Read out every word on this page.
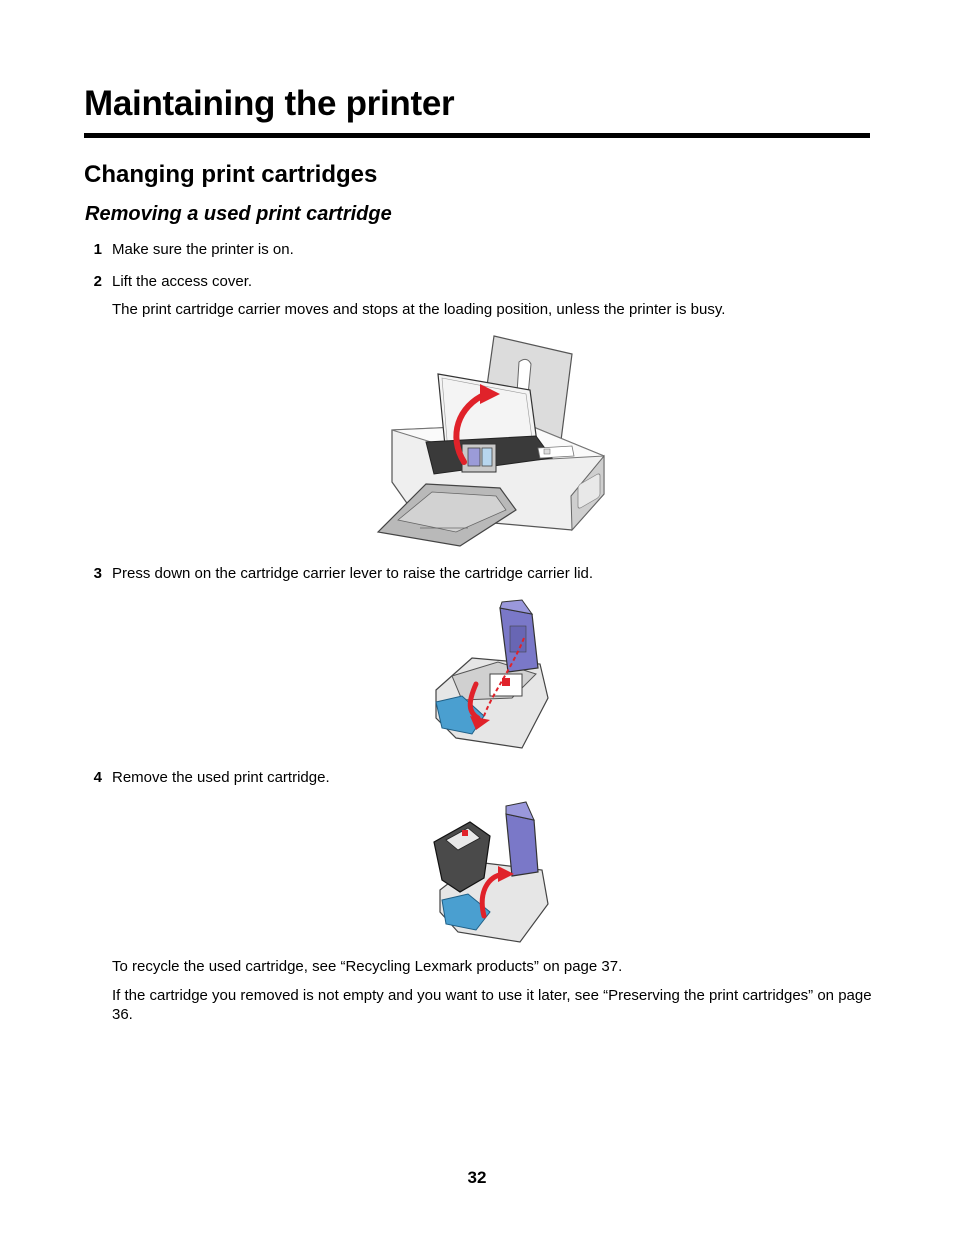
Maintaining the printer
Changing print cartridges
Removing a used print cartridge
1 Make sure the printer is on.
2 Lift the access cover.
The print cartridge carrier moves and stops at the loading position, unless the printer is busy.
3 Press down on the cartridge carrier lever to raise the cartridge carrier lid.
4 Remove the used print cartridge.
To recycle the used cartridge, see “Recycling Lexmark products” on page 37.
If the cartridge you removed is not empty and you want to use it later, see “Preserving the print cartridges” on page 36.
32
